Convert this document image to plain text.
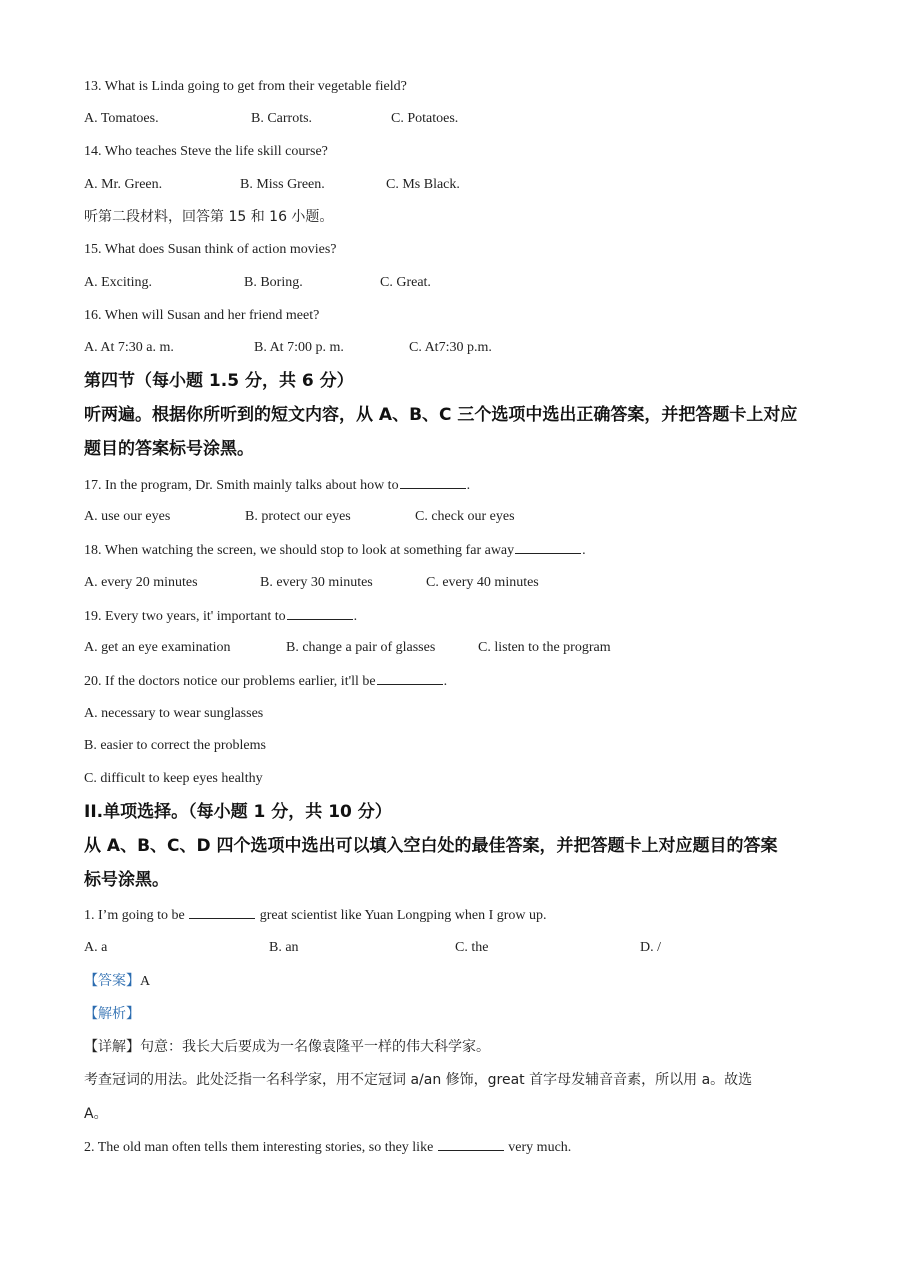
13. What is Linda going to get from their vegetable field?
A. Tomatoes.	B. Carrots.	C. Potatoes.
14. Who teaches Steve the life skill course?
A. Mr. Green.	B. Miss Green.	C. Ms Black.
听第二段材料，回答第 15 和 16 小题。
15. What does Susan think of action movies?
A. Exciting.	B. Boring.	C. Great.
16. When will Susan and her friend meet?
A. At 7:30 a. m.	B. At 7:00 p. m.	C. At7:30 p.m.
第四节（每小题 1.5 分，共 6 分）
听两遍。根据你所听到的短文内容，从 A、B、C 三个选项中选出正确答案，并把答题卡上对应
题目的答案标号涂黑。
17. In the program, Dr. Smith mainly talks about how to	.
A. use our eyes	B. protect our eyes	C. check our eyes
18. When watching the screen, we should stop to look at something far away	.
A. every 20 minutes	B. every 30 minutes	C. every 40 minutes
19. Every two years, it' important to	.
A. get an eye examination	B. change a pair of glasses	C. listen to the program
20. If the doctors notice our problems earlier, it'll be	.
A. necessary to wear sunglasses
B. easier to correct the problems
C. difficult to keep eyes healthy
II.单项选择。（每小题 1 分，共 10 分）
从 A、B、C、D 四个选项中选出可以填入空白处的最佳答案，并把答题卡上对应题目的答案
标号涂黑。
1. I’m going to be	great scientist like Yuan Longping when I grow up.
A. a	B. an	C. the	D. /
【答案】A
【解析】
【详解】句意：我长大后要成为一名像袁隆平一样的伟大科学家。
考查冠词的用法。此处泛指一名科学家，用不定冠词 a/an 修饰，great 首字母发辅音音素，所以用 a。故选
A。
2. The old man often tells them interesting stories, so they like	very much.
